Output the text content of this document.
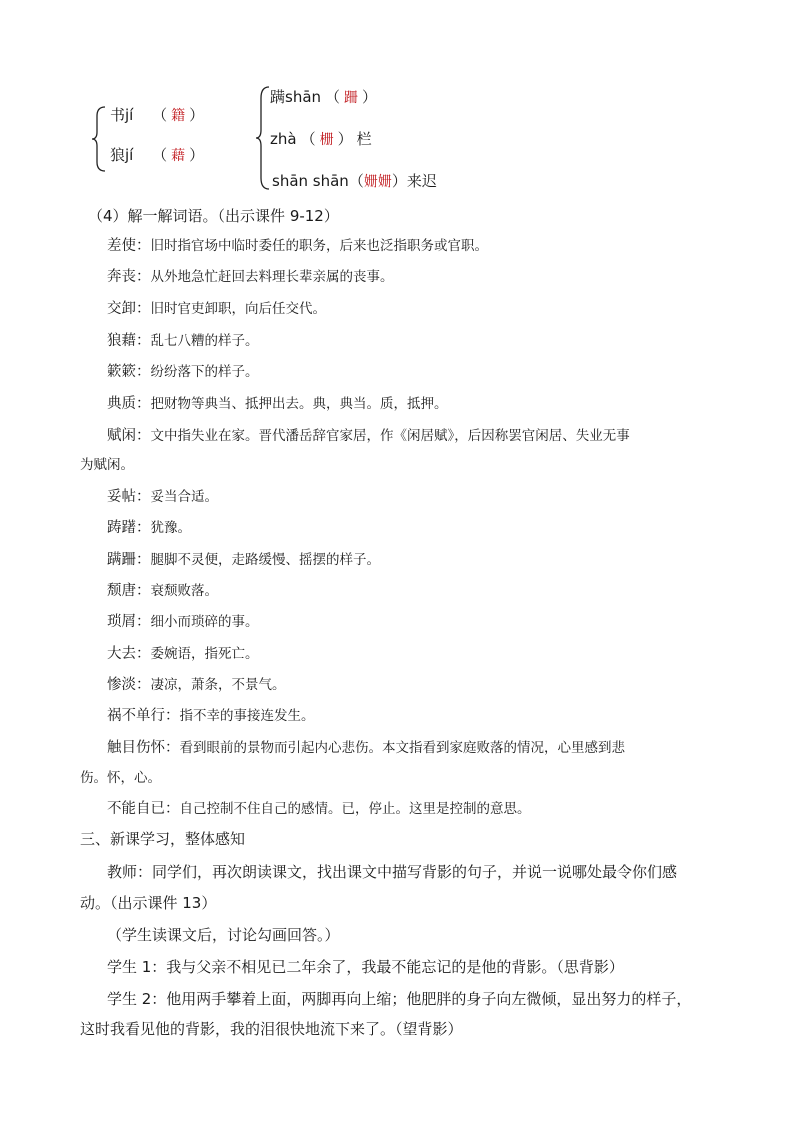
书jí （ 籍 ）
狼jí （ 藉 ）
蹒shān （ 跚 ）
zhà （ 栅 ） 栏
shān shān（姗姗）来迟
（4）解一解词语。（出示课件 9-12）
差使：旧时指官场中临时委任的职务，后来也泛指职务或官职。
奔丧：从外地急忙赶回去料理长辈亲属的丧事。
交卸：旧时官吏卸职，向后任交代。
狼藉：乱七八糟的样子。
簌簌：纷纷落下的样子。
典质：把财物等典当、抵押出去。典，典当。质，抵押。
赋闲：文中指失业在家。晋代潘岳辞官家居，作《闲居赋》，后因称罢官闲居、失业无事
为赋闲。
妥帖：妥当合适。
踌躇：犹豫。
蹒跚：腿脚不灵便，走路缓慢、摇摆的样子。
颓唐：衰颓败落。
琐屑：细小而琐碎的事。
大去：委婉语，指死亡。
惨淡：凄凉，萧条，不景气。
祸不单行：指不幸的事接连发生。
触目伤怀：看到眼前的景物而引起内心悲伤。本文指看到家庭败落的情况，心里感到悲
伤。怀，心。
不能自已：自己控制不住自己的感情。已，停止。这里是控制的意思。
三、新课学习，整体感知
教师：同学们，再次朗读课文，找出课文中描写背影的句子，并说一说哪处最令你们感
动。（出示课件 13）
（学生读课文后，讨论勾画回答。）
学生 1：我与父亲不相见已二年余了，我最不能忘记的是他的背影。（思背影）
学生 2：他用两手攀着上面，两脚再向上缩；他肥胖的身子向左微倾，显出努力的样子，
这时我看见他的背影，我的泪很快地流下来了。（望背影）
